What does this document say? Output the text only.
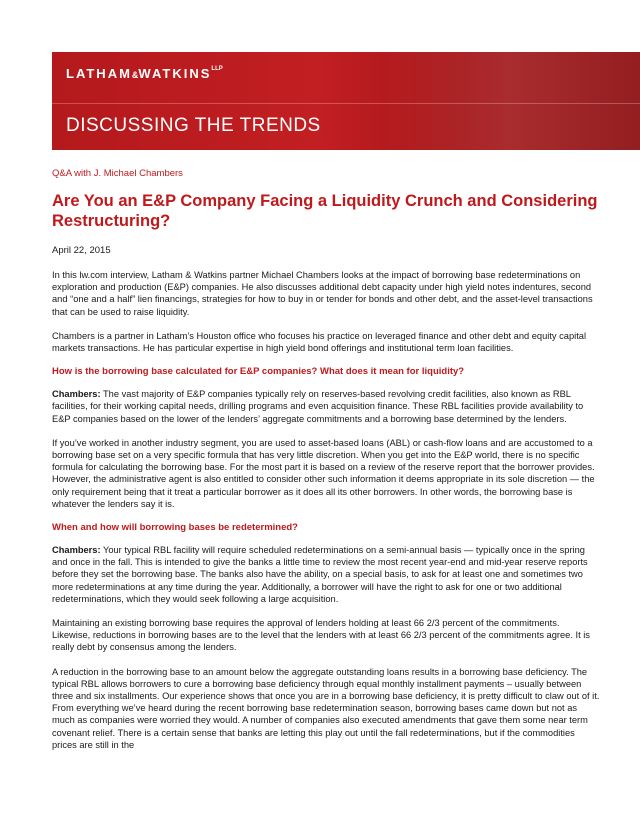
$LATHAM\&WATKINS^{LLP}$
DISCUSSING THE TRENDS
Q&A with J. Michael Chambers
Are You an E&P Company Facing a Liquidity Crunch and Considering Restructuring?
April 22, 2015

In this lw.com interview, Latham & Watkins partner Michael Chambers looks at the impact of borrowing base redeterminations on exploration and production (E&P) companies. He also discusses additional debt capacity under high yield notes indentures, second and “one and a half” lien financings, strategies for how to buy in or tender for bonds and other debt, and the asset-level transactions that can be used to raise liquidity.

Chambers is a partner in Latham’s Houston office who focuses his practice on leveraged finance and other debt and equity capital markets transactions. He has particular expertise in high yield bond offerings and institutional term loan facilities.

How is the borrowing base calculated for E&P companies? What does it mean for liquidity?

Chambers: The vast majority of E&P companies typically rely on reserves-based revolving credit facilities, also known as RBL facilities, for their working capital needs, drilling programs and even acquisition finance. These RBL facilities provide availability to E&P companies based on the lower of the lenders’ aggregate commitments and a borrowing base determined by the lenders.

If you’ve worked in another industry segment, you are used to asset-based loans (ABL) or cash-flow loans and are accustomed to a borrowing base set on a very specific formula that has very little discretion. When you get into the E&P world, there is no specific formula for calculating the borrowing base. For the most part it is based on a review of the reserve report that the borrower provides. However, the administrative agent is also entitled to consider other such information it deems appropriate in its sole discretion — the only requirement being that it treat a particular borrower as it does all its other borrowers. In other words, the borrowing base is whatever the lenders say it is.

When and how will borrowing bases be redetermined?

Chambers: Your typical RBL facility will require scheduled redeterminations on a semi-annual basis — typically once in the spring and once in the fall. This is intended to give the banks a little time to review the most recent year-end and mid-year reserve reports before they set the borrowing base. The banks also have the ability, on a special basis, to ask for at least one and sometimes two more redeterminations at any time during the year. Additionally, a borrower will have the right to ask for one or two additional redeterminations, which they would seek following a large acquisition.

Maintaining an existing borrowing base requires the approval of lenders holding at least 66 2/3 percent of the commitments. Likewise, reductions in borrowing bases are to the level that the lenders with at least 66 2/3 percent of the commitments agree. It is really debt by consensus among the lenders.

A reduction in the borrowing base to an amount below the aggregate outstanding loans results in a borrowing base deficiency. The typical RBL allows borrowers to cure a borrowing base deficiency through equal monthly installment payments – usually between three and six installments. Our experience shows that once you are in a borrowing base deficiency, it is pretty difficult to claw out of it. From everything we’ve heard during the recent borrowing base redetermination season, borrowing bases came down but not as much as companies were worried they would. A number of companies also executed amendments that gave them some near term covenant relief. There is a certain sense that banks are letting this play out until the fall redeterminations, but if the commodities prices are still in the
